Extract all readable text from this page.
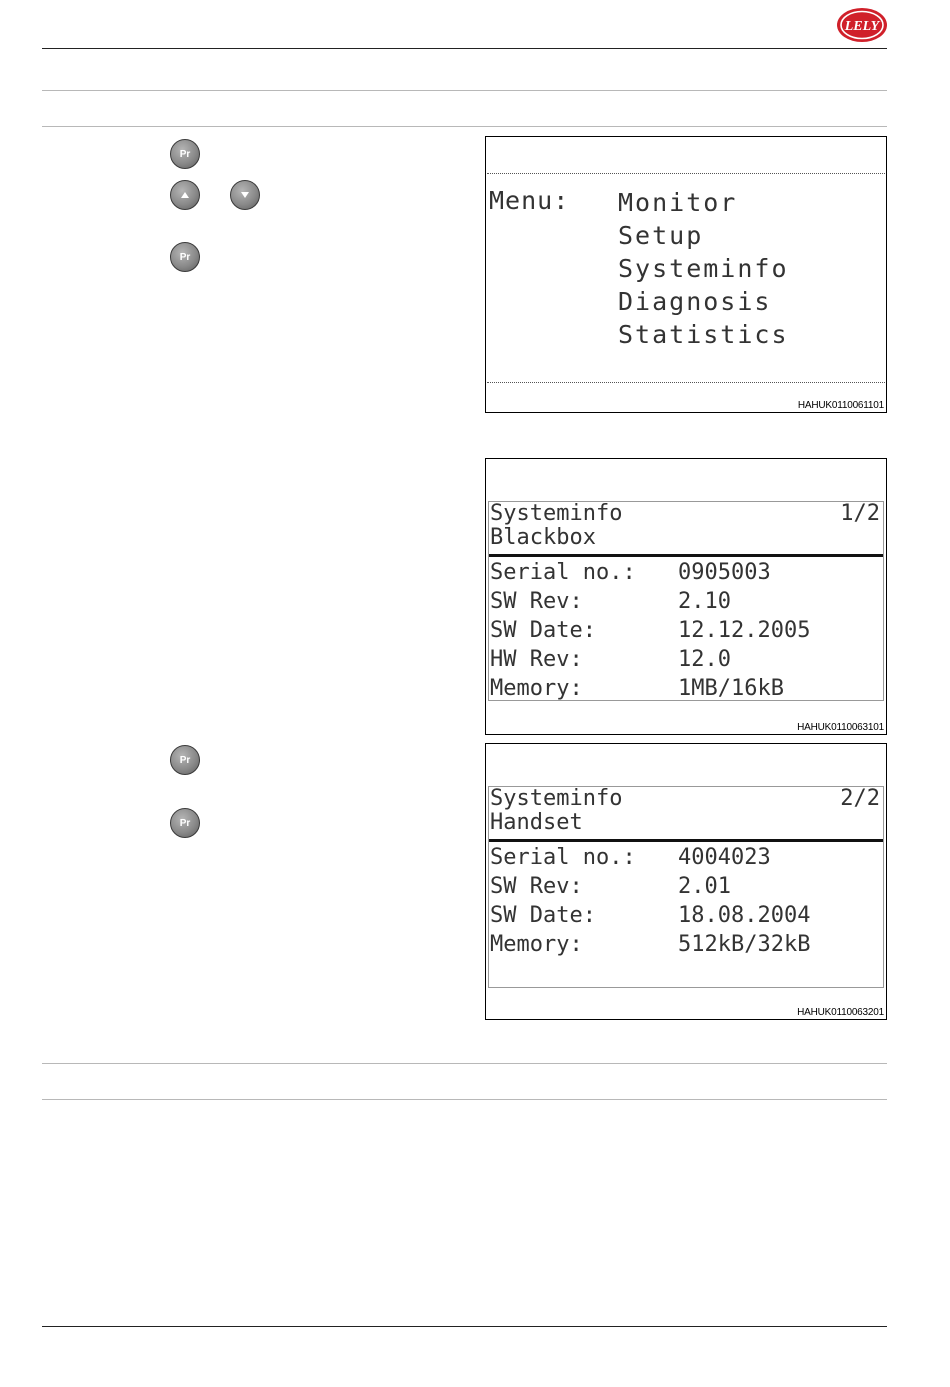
LELY
Pr
Pr
Pr
Pr
Menu: Monitor
Setup
Systeminfo
Diagnosis
Statistics
HAHUK0110061101
Systeminfo	1/2
Blackbox
Serial no.: 0905003
SW Rev:	2.10
SW Date:	12.12.2005
HW Rev:	12.0
Memory:	1MB/16kB
HAHUK0110063101
Systeminfo	2/2
Handset
Serial no.: 4004023
SW Rev:	2.01
SW Date:	18.08.2004
Memory:	512kB/32kB
HAHUK0110063201
